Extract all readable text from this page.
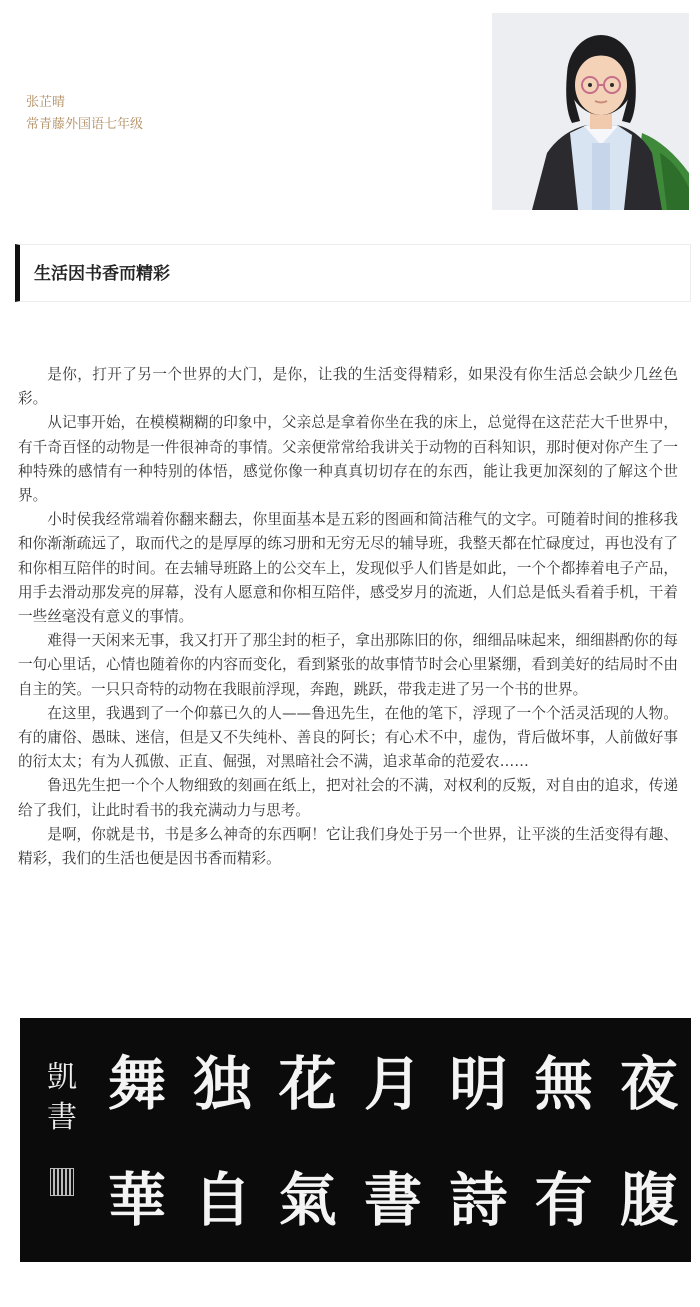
张芷晴
常青藤外国语七年级
生活因书香而精彩

是你，打开了另一个世界的大门，是你，让我的生活变得精彩，如果没有你生活总会缺少几丝色彩。

从记事开始，在模模糊糊的印象中，父亲总是拿着你坐在我的床上，总觉得在这茫茫大千世界中，有千奇百怪的动物是一件很神奇的事情。父亲便常常给我讲关于动物的百科知识，那时便对你产生了一种特殊的感情有一种特别的体悟，感觉你像一种真真切切存在的东西，能让我更加深刻的了解这个世界。

小时侯我经常端着你翻来翻去，你里面基本是五彩的图画和简洁稚气的文字。可随着时间的推移我和你渐渐疏远了，取而代之的是厚厚的练习册和无穷无尽的辅导班，我整天都在忙碌度过，再也没有了和你相互陪伴的时间。在去辅导班路上的公交车上，发现似乎人们皆是如此，一个个都捧着电子产品，用手去滑动那发亮的屏幕，没有人愿意和你相互陪伴，感受岁月的流逝，人们总是低头看着手机，干着一些丝毫没有意义的事情。

难得一天闲来无事，我又打开了那尘封的柜子，拿出那陈旧的你，细细品味起来，细细斟酌你的每一句心里话，心情也随着你的内容而变化，看到紧张的故事情节时会心里紧绷，看到美好的结局时不由自主的笑。一只只奇特的动物在我眼前浮现，奔跑，跳跃，带我走进了另一个书的世界。

在这里，我遇到了一个仰慕已久的人——鲁迅先生，在他的笔下，浮现了一个个活灵活现的人物。有的庸俗、愚昧、迷信，但是又不失纯朴、善良的阿长；有心术不中，虚伪，背后做坏事，人前做好事的衍太太；有为人孤傲、正直、倔强，对黑暗社会不满，追求革命的范爱农……

鲁迅先生把一个个人物细致的刻画在纸上，把对社会的不满，对权利的反叛，对自由的追求，传递给了我们，让此时看书的我充满动力与思考。

是啊，你就是书，书是多么神奇的东西啊！它让我们身处于另一个世界，让平淡的生活变得有趣、精彩，我们的生活也便是因书香而精彩。

凱
書 舞 独 花 月 明 無 夜
華 自 氣 書 詩 有 腹
